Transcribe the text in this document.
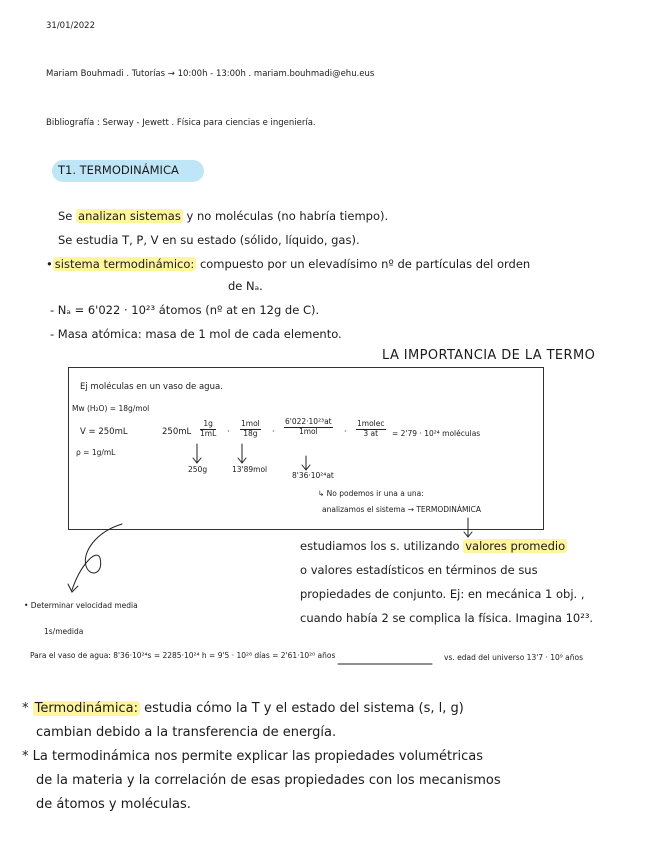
31/01/2022
Mariam Bouhmadi . Tutorías → 10:00h - 13:00h . mariam.bouhmadi@ehu.eus
Bibliografía : Serway - Jewett . Física para ciencias e ingeniería.
T1. TERMODINÁMICA
Se analizan sistemas y no moléculas (no habría tiempo).
Se estudia T, P, V en su estado (sólido, líquido, gas).
• sistema termodinámico: compuesto por un elevadísimo nº de partículas del orden
de Nₐ.
- Nₐ = 6'022 · 10²³ átomos (nº at en 12g de C).
- Masa atómica: masa de 1 mol de cada elemento.
LA IMPORTANCIA DE LA TERMO
Ej moléculas en un vaso de agua.
Mw (H₂O) = 18g/mol
V = 250mL
ρ = 1g/mL
$250mL \frac{1g}{1mL}$ ·
1mol
18g	·
6'022·10²³at
1mol	·
1molec
3 at	= 2'79 · 10²⁴ moléculas
250g	13'89mol
8'36·10²⁴at
↳ No podemos ir una a una:
analizamos el sistema → TERMODINÁMICA
estudiamos los s. utilizando valores promedio
o valores estadísticos en términos de sus
propiedades de conjunto. Ej: en mecánica 1 obj. ,
cuando había 2 se complica la física. Imagina 10²³.
• Determinar velocidad media
1s/medida
Para el vaso de agua: 8'36·10²⁴s = 2285·10²⁴ h = 9'5 · 10²⁸ días = 2'61·10²⁰ años	vs. edad del universo 13'7 · 10⁹ años
* Termodinámica: estudia cómo la T y el estado del sistema (s, l, g)
cambian debido a la transferencia de energía.
* La termodinámica nos permite explicar las propiedades volumétricas
de la materia y la correlación de esas propiedades con los mecanismos
de átomos y moléculas.
